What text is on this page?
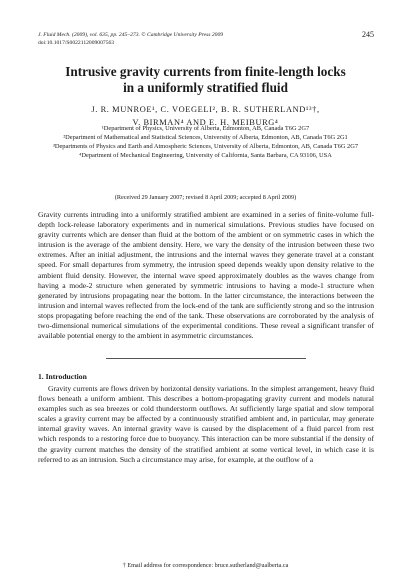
J. Fluid Mech. (2009), vol. 635, pp. 245–273. © Cambridge University Press 2009
doi:10.1017/S0022112009007563
245
Intrusive gravity currents from finite-length locks
in a uniformly stratified fluid
J. R. MUNROE¹, C. VOEGELI², B. R. SUTHERLAND¹³†,
V. BIRMAN⁴ AND E. H. MEIBURG⁴
¹Department of Physics, University of Alberta, Edmonton, AB, Canada T6G 2G7
²Department of Mathematical and Statistical Sciences, University of Alberta, Edmonton, AB, Canada T6G 2G1
³Departments of Physics and Earth and Atmospheric Sciences, University of Alberta, Edmonton, AB, Canada T6G 2G7
⁴Department of Mechanical Engineering, University of California, Santa Barbara, CA 93106, USA
(Received 29 January 2007; revised 8 April 2009; accepted 8 April 2009)
Gravity currents intruding into a uniformly stratified ambient are examined in a series of finite-volume full-depth lock-release laboratory experiments and in numerical simulations. Previous studies have focused on gravity currents which are denser than fluid at the bottom of the ambient or on symmetric cases in which the intrusion is the average of the ambient density. Here, we vary the density of the intrusion between these two extremes. After an initial adjustment, the intrusions and the internal waves they generate travel at a constant speed. For small departures from symmetry, the intrusion speed depends weakly upon density relative to the ambient fluid density. However, the internal wave speed approximately doubles as the waves change from having a mode-2 structure when generated by symmetric intrusions to having a mode-1 structure when generated by intrusions propagating near the bottom. In the latter circumstance, the interactions between the intrusion and internal waves reflected from the lock-end of the tank are sufficiently strong and so the intrusion stops propagating before reaching the end of the tank. These observations are corroborated by the analysis of two-dimensional numerical simulations of the experimental conditions. These reveal a significant transfer of available potential energy to the ambient in asymmetric circumstances.
1. Introduction
Gravity currents are flows driven by horizontal density variations. In the simplest arrangement, heavy fluid flows beneath a uniform ambient. This describes a bottom-propagating gravity current and models natural examples such as sea breezes or cold thunderstorm outflows. At sufficiently large spatial and slow temporal scales a gravity current may be affected by a continuously stratified ambient and, in particular, may generate internal gravity waves. An internal gravity wave is caused by the displacement of a fluid parcel from rest which responds to a restoring force due to buoyancy. This interaction can be more substantial if the density of the gravity current matches the density of the stratified ambient at some vertical level, in which case it is referred to as an intrusion. Such a circumstance may arise, for example, at the outflow of a
† Email address for correspondence: bruce.sutherland@ualberta.ca
